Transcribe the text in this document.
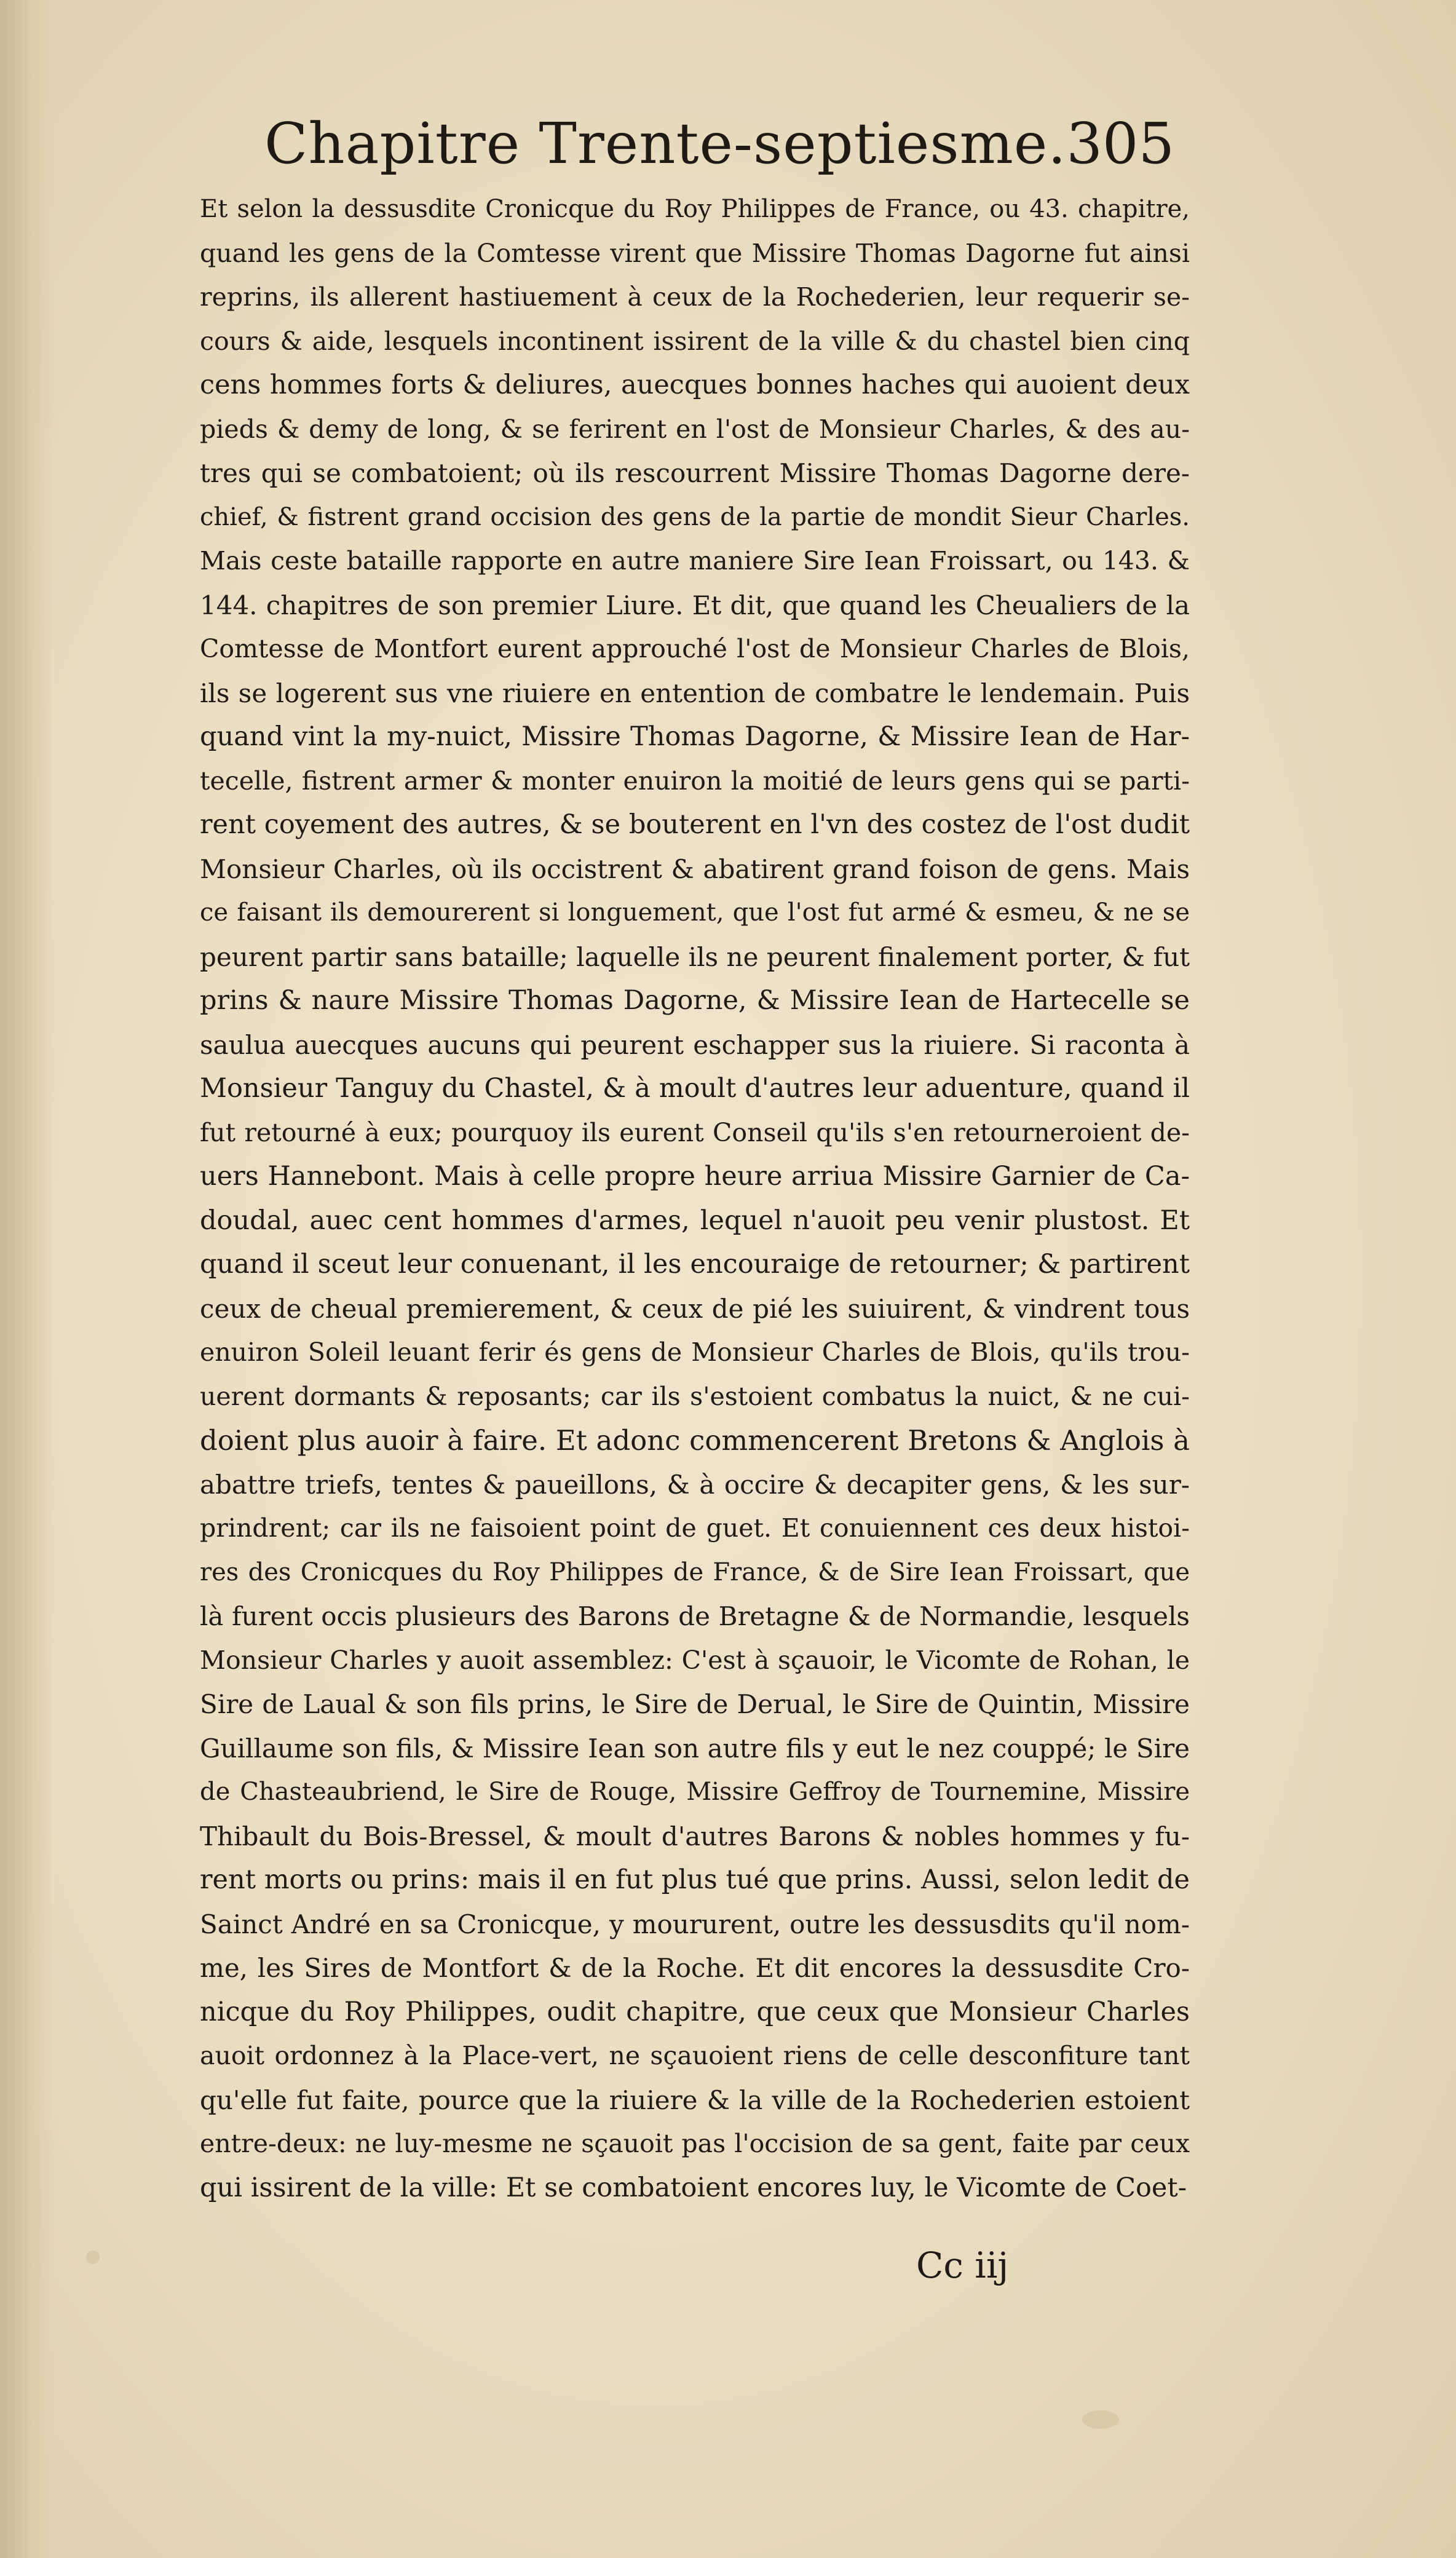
Chapitre Trente-septiesme. 305
Et selon la dessusdite Cronicque du Roy Philippes de France, ou 43. chapitre,
quand les gens de la Comtesse virent que Missire Thomas Dagorne fut ainsi
reprins, ils allerent hastiuement à ceux de la Rochederien, leur requerir se-
cours & aide, lesquels incontinent issirent de la ville & du chastel bien cinq
cens hommes forts & deliures, auecques bonnes haches qui auoient deux
pieds & demy de long, & se ferirent en l'ost de Monsieur Charles, & des au-
tres qui se combatoient; où ils rescourrent Missire Thomas Dagorne dere-
chief, & fistrent grand occision des gens de la partie de mondit Sieur Charles.
Mais ceste bataille rapporte en autre maniere Sire Iean Froissart, ou 143. &
144. chapitres de son premier Liure. Et dit, que quand les Cheualiers de la
Comtesse de Montfort eurent approuché l'ost de Monsieur Charles de Blois,
ils se logerent sus vne riuiere en entention de combatre le lendemain. Puis
quand vint la my-nuict, Missire Thomas Dagorne, & Missire Iean de Har-
tecelle, fistrent armer & monter enuiron la moitié de leurs gens qui se parti-
rent coyement des autres, & se bouterent en l'vn des costez de l'ost dudit
Monsieur Charles, où ils occistrent & abatirent grand foison de gens. Mais
ce faisant ils demourerent si longuement, que l'ost fut armé & esmeu, & ne se
peurent partir sans bataille; laquelle ils ne peurent finalement porter, & fut
prins & naure Missire Thomas Dagorne, & Missire Iean de Hartecelle se
saulua auecques aucuns qui peurent eschapper sus la riuiere. Si raconta à
Monsieur Tanguy du Chastel, & à moult d'autres leur aduenture, quand il
fut retourné à eux; pourquoy ils eurent Conseil qu'ils s'en retourneroient de-
uers Hannebont. Mais à celle propre heure arriua Missire Garnier de Ca-
doudal, auec cent hommes d'armes, lequel n'auoit peu venir plustost. Et
quand il sceut leur conuenant, il les encouraige de retourner; & partirent
ceux de cheual premierement, & ceux de pié les suiuirent, & vindrent tous
enuiron Soleil leuant ferir és gens de Monsieur Charles de Blois, qu'ils trou-
uerent dormants & reposants; car ils s'estoient combatus la nuict, & ne cui-
doient plus auoir à faire. Et adonc commencerent Bretons & Anglois à
abattre triefs, tentes & paueillons, & à occire & decapiter gens, & les sur-
prindrent; car ils ne faisoient point de guet. Et conuiennent ces deux histoi-
res des Cronicques du Roy Philippes de France, & de Sire Iean Froissart, que
là furent occis plusieurs des Barons de Bretagne & de Normandie, lesquels
Monsieur Charles y auoit assemblez: C'est à sçauoir, le Vicomte de Rohan, le
Sire de Laual & son fils prins, le Sire de Derual, le Sire de Quintin, Missire
Guillaume son fils, & Missire Iean son autre fils y eut le nez couppé; le Sire
de Chasteaubriend, le Sire de Rouge, Missire Geffroy de Tournemine, Missire
Thibault du Bois-Bressel, & moult d'autres Barons & nobles hommes y fu-
rent morts ou prins: mais il en fut plus tué que prins. Aussi, selon ledit de
Sainct André en sa Cronicque, y moururent, outre les dessusdits qu'il nom-
me, les Sires de Montfort & de la Roche. Et dit encores la dessusdite Cro-
nicque du Roy Philippes, oudit chapitre, que ceux que Monsieur Charles
auoit ordonnez à la Place-vert, ne sçauoient riens de celle desconfiture tant
qu'elle fut faite, pource que la riuiere & la ville de la Rochederien estoient
entre-deux: ne luy-mesme ne sçauoit pas l'occision de sa gent, faite par ceux
qui issirent de la ville: Et se combatoient encores luy, le Vicomte de Coet-
Cc iij
